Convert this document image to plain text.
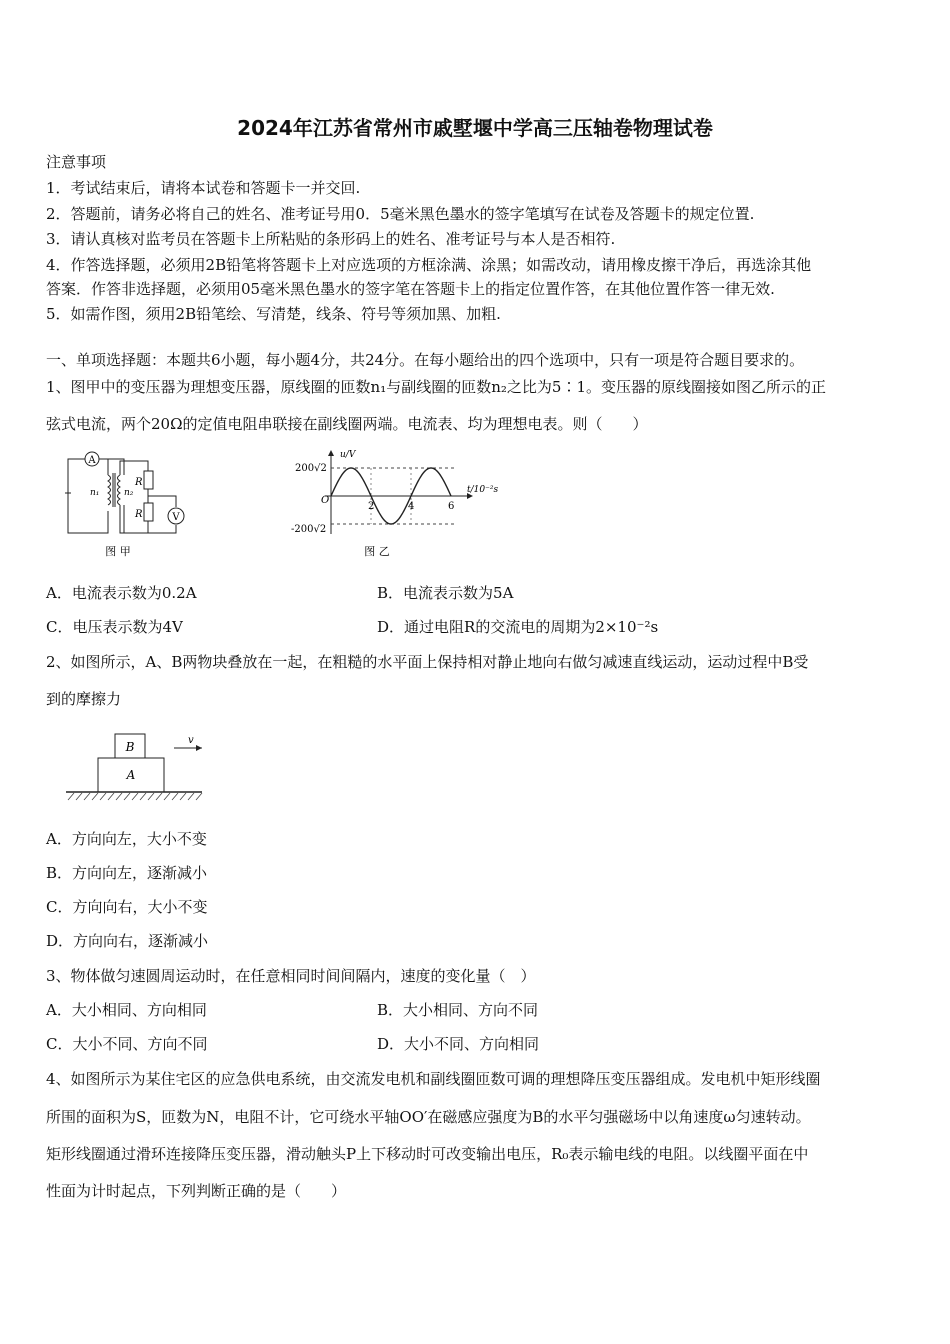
2024年江苏省常州市戚墅堰中学高三压轴卷物理试卷
注意事项
1．考试结束后，请将本试卷和答题卡一并交回.
2．答题前，请务必将自己的姓名、准考证号用0．5毫米黑色墨水的签字笔填写在试卷及答题卡的规定位置.
3．请认真核对监考员在答题卡上所粘贴的条形码上的姓名、准考证号与本人是否相符.
4．作答选择题，必须用2B铅笔将答题卡上对应选项的方框涂满、涂黑；如需改动，请用橡皮擦干净后，再选涂其他
答案．作答非选择题，必须用05毫米黑色墨水的签字笔在答题卡上的指定位置作答，在其他位置作答一律无效.
5．如需作图，须用2B铅笔绘、写清楚，线条、符号等须加黑、加粗.
一、单项选择题：本题共6小题，每小题4分，共24分。在每小题给出的四个选项中，只有一项是符合题目要求的。
1、图甲中的变压器为理想变压器，原线圈的匝数n₁与副线圈的匝数n₂之比为5∶1。变压器的原线圈接如图乙所示的正
弦式电流，两个20Ω的定值电阻串联接在副线圈两端。电流表、均为理想电表。则（　　）
A
V
n₁	n₂
R
R
图 甲
u/V
t/10⁻²s
200√2
-200√2
O
2	4	6
图 乙
A．电流表示数为0.2A	B．电流表示数为5A
C．电压表示数为4V	D．通过电阻R的交流电的周期为2×10⁻²s
2、如图所示，A、B两物块叠放在一起，在粗糙的水平面上保持相对静止地向右做匀减速直线运动，运动过程中B受
到的摩擦力
B
A
v
A．方向向左，大小不变
B．方向向左，逐渐减小
C．方向向右，大小不变
D．方向向右，逐渐减小
3、物体做匀速圆周运动时，在任意相同时间间隔内，速度的变化量（　）
A．大小相同、方向相同	B．大小相同、方向不同
C．大小不同、方向不同	D．大小不同、方向相同
4、如图所示为某住宅区的应急供电系统，由交流发电机和副线圈匝数可调的理想降压变压器组成。发电机中矩形线圈
所围的面积为S，匝数为N，电阻不计，它可绕水平轴OO′在磁感应强度为B的水平匀强磁场中以角速度ω匀速转动。
矩形线圈通过滑环连接降压变压器，滑动触头P上下移动时可改变输出电压，R₀表示输电线的电阻。以线圈平面在中
性面为计时起点，下列判断正确的是（　　）
